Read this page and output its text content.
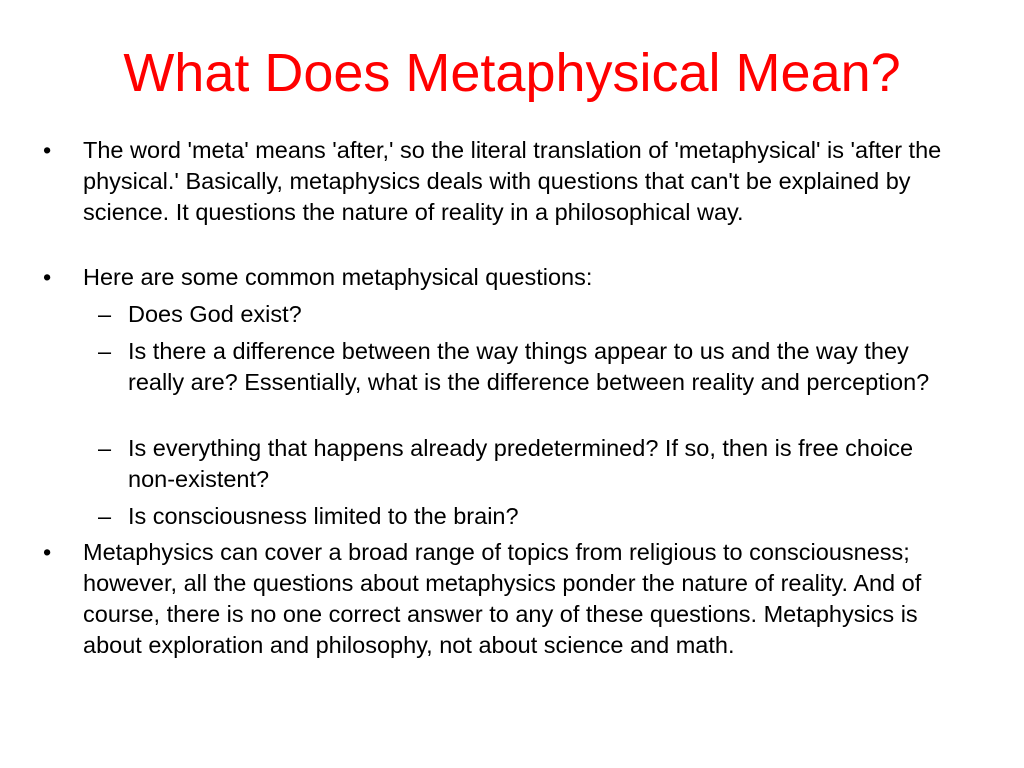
What Does Metaphysical Mean?
• The word 'meta' means 'after,' so the literal translation of 'metaphysical' is 'after the physical.' Basically, metaphysics deals with questions that can't be explained by science. It questions the nature of reality in a philosophical way.
• Here are some common metaphysical questions:
– Does God exist?
– Is there a difference between the way things appear to us and the way they really are? Essentially, what is the difference between reality and perception?
– Is everything that happens already predetermined? If so, then is free choice non-existent?
– Is consciousness limited to the brain?
• Metaphysics can cover a broad range of topics from religious to consciousness; however, all the questions about metaphysics ponder the nature of reality. And of course, there is no one correct answer to any of these questions. Metaphysics is about exploration and philosophy, not about science and math.
